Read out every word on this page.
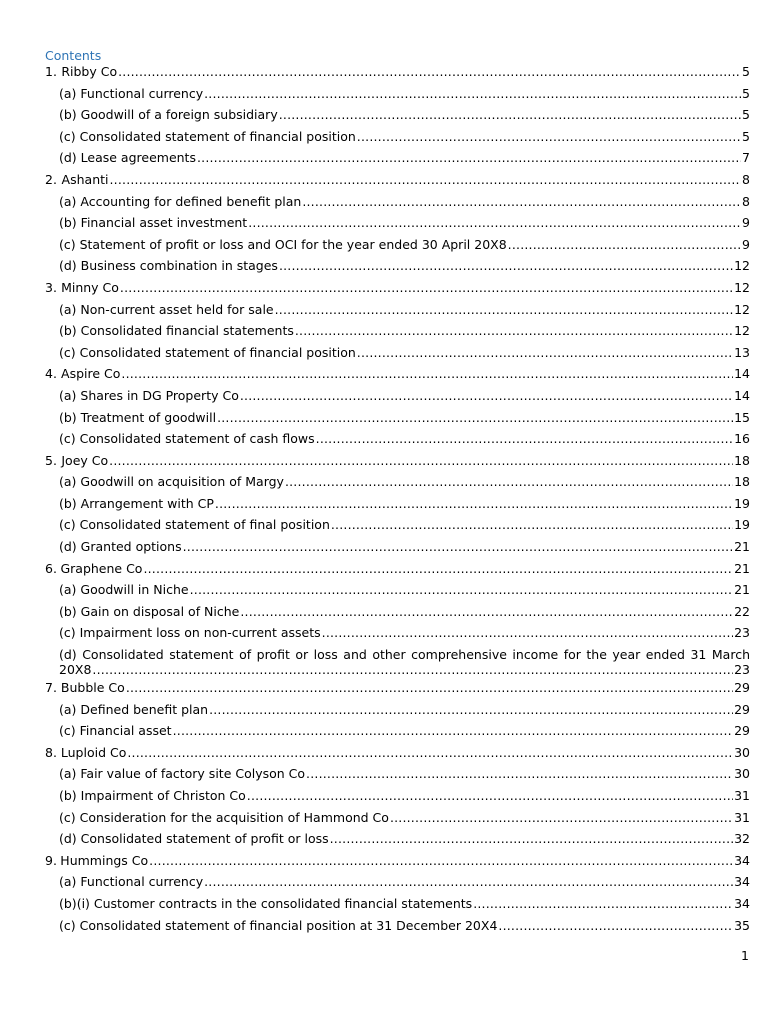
Contents
1. Ribby Co .....	5
(a) Functional currency .....	5
(b) Goodwill of a foreign subsidiary .....	5
(c) Consolidated statement of financial position .....	5
(d) Lease agreements .....	7
2. Ashanti .....	8
(a) Accounting for defined benefit plan .....	8
(b) Financial asset investment .....	9
(c) Statement of profit or loss and OCI for the year ended 30 April 20X8 .....	9
(d) Business combination in stages .....	12
3. Minny Co .....	12
(a) Non-current asset held for sale .....	12
(b) Consolidated financial statements .....	12
(c) Consolidated statement of financial position .....	13
4. Aspire Co .....	14
(a) Shares in DG Property Co .....	14
(b) Treatment of goodwill .....	15
(c) Consolidated statement of cash flows .....	16
5. Joey Co .....	18
(a) Goodwill on acquisition of Margy .....	18
(b) Arrangement with CP .....	19
(c) Consolidated statement of final position .....	19
(d) Granted options .....	21
6. Graphene Co .....	21
(a) Goodwill in Niche .....	21
(b) Gain on disposal of Niche .....	22
(c) Impairment loss on non-current assets .....	23
(d) Consolidated statement of profit or loss and other comprehensive income for the year ended 31 March
20X8 .....	23
7. Bubble Co .....	29
(a) Defined benefit plan .....	29
(c) Financial asset .....	29
8. Luploid Co .....	30
(a) Fair value of factory site Colyson Co .....	30
(b) Impairment of Christon Co .....	31
(c) Consideration for the acquisition of Hammond Co .....	31
(d) Consolidated statement of profit or loss .....	32
9. Hummings Co .....	34
(a) Functional currency .....	34
(b)(i) Customer contracts in the consolidated financial statements .....	34
(c) Consolidated statement of financial position at 31 December 20X4 .....	35
1
